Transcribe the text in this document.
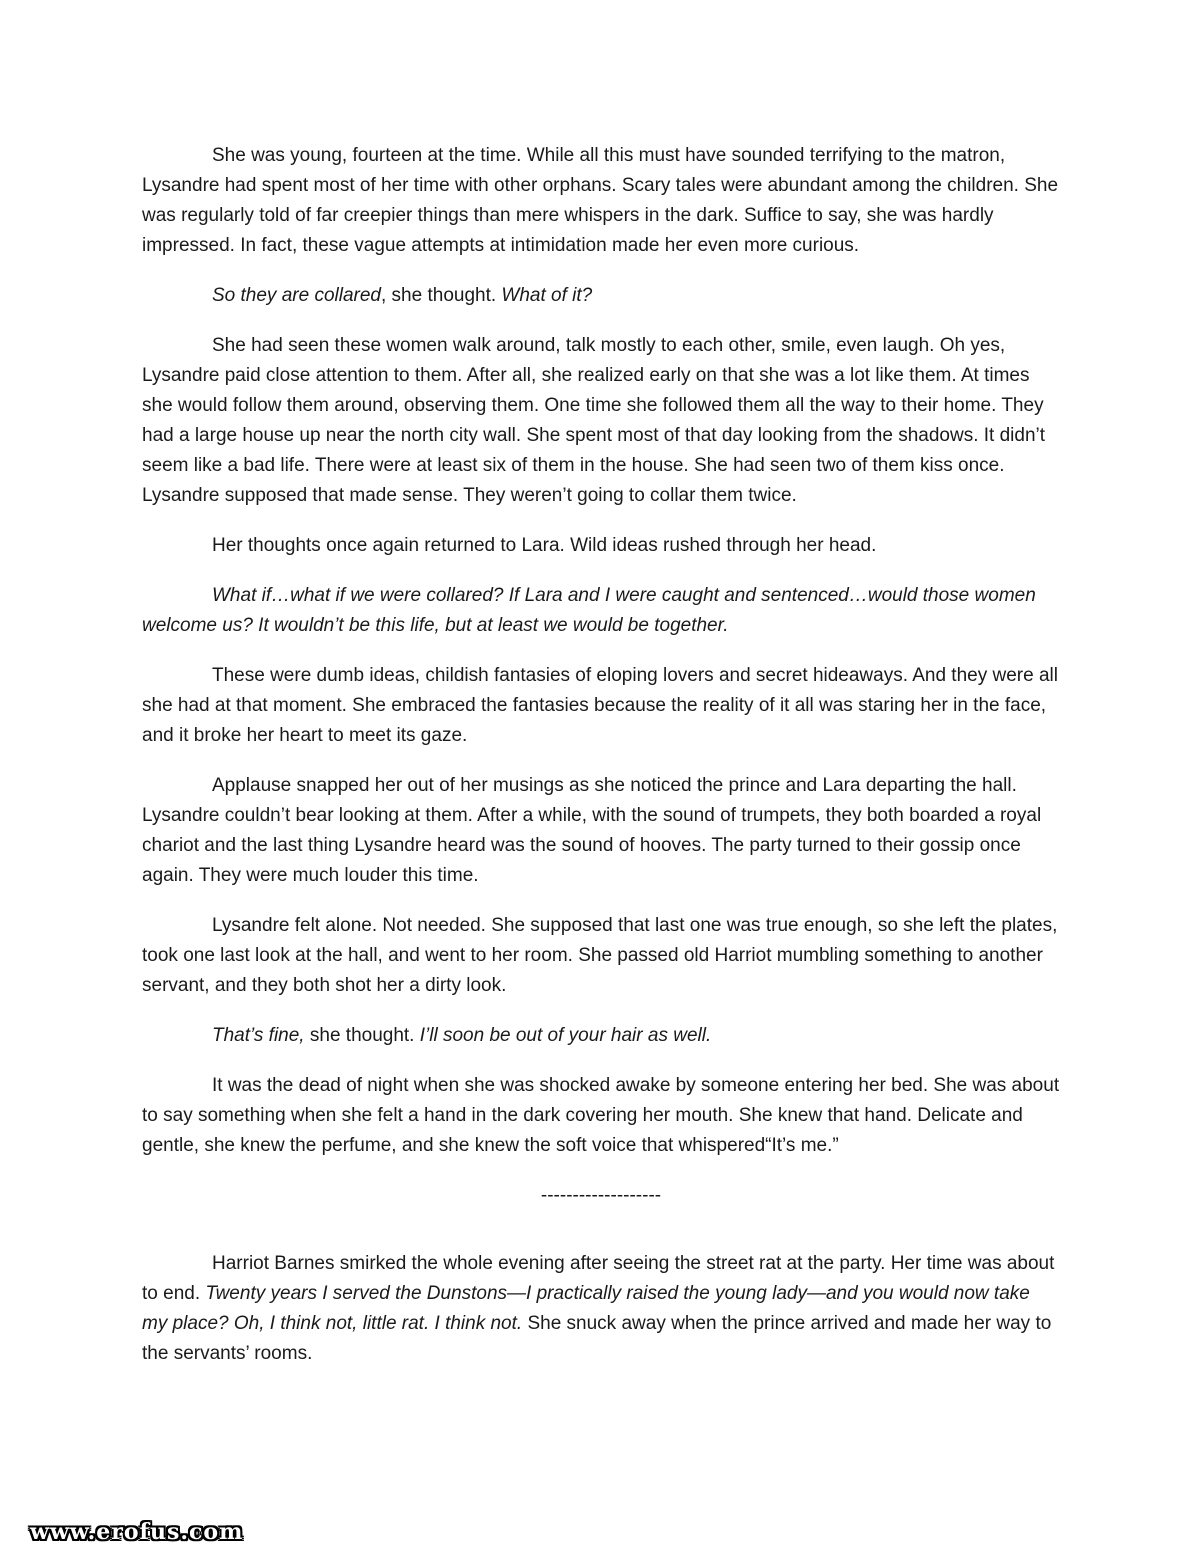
She was young, fourteen at the time. While all this must have sounded terrifying to the matron, Lysandre had spent most of her time with other orphans. Scary tales were abundant among the children. She was regularly told of far creepier things than mere whispers in the dark. Suffice to say, she was hardly impressed. In fact, these vague attempts at intimidation made her even more curious.

So they are collared, she thought. What of it?

She had seen these women walk around, talk mostly to each other, smile, even laugh. Oh yes, Lysandre paid close attention to them. After all, she realized early on that she was a lot like them. At times she would follow them around, observing them. One time she followed them all the way to their home. They had a large house up near the north city wall. She spent most of that day looking from the shadows. It didn’t seem like a bad life. There were at least six of them in the house. She had seen two of them kiss once. Lysandre supposed that made sense. They weren’t going to collar them twice.

Her thoughts once again returned to Lara. Wild ideas rushed through her head.

What if…what if we were collared? If Lara and I were caught and sentenced…would those women welcome us? It wouldn’t be this life, but at least we would be together.

These were dumb ideas, childish fantasies of eloping lovers and secret hideaways. And they were all she had at that moment. She embraced the fantasies because the reality of it all was staring her in the face, and it broke her heart to meet its gaze.

Applause snapped her out of her musings as she noticed the prince and Lara departing the hall. Lysandre couldn’t bear looking at them. After a while, with the sound of trumpets, they both boarded a royal chariot and the last thing Lysandre heard was the sound of hooves. The party turned to their gossip once again. They were much louder this time.

Lysandre felt alone. Not needed. She supposed that last one was true enough, so she left the plates, took one last look at the hall, and went to her room. She passed old Harriot mumbling something to another servant, and they both shot her a dirty look.

That’s fine, she thought. I’ll soon be out of your hair as well.

It was the dead of night when she was shocked awake by someone entering her bed. She was about to say something when she felt a hand in the dark covering her mouth. She knew that hand. Delicate and gentle, she knew the perfume, and she knew the soft voice that whispered“It’s me.”

-------------------

Harriot Barnes smirked the whole evening after seeing the street rat at the party. Her time was about to end. Twenty years I served the Dunstons—I practically raised the young lady—and you would now take my place? Oh, I think not, little rat. I think not. She snuck away when the prince arrived and made her way to the servants’ rooms.

www.erofus.com
